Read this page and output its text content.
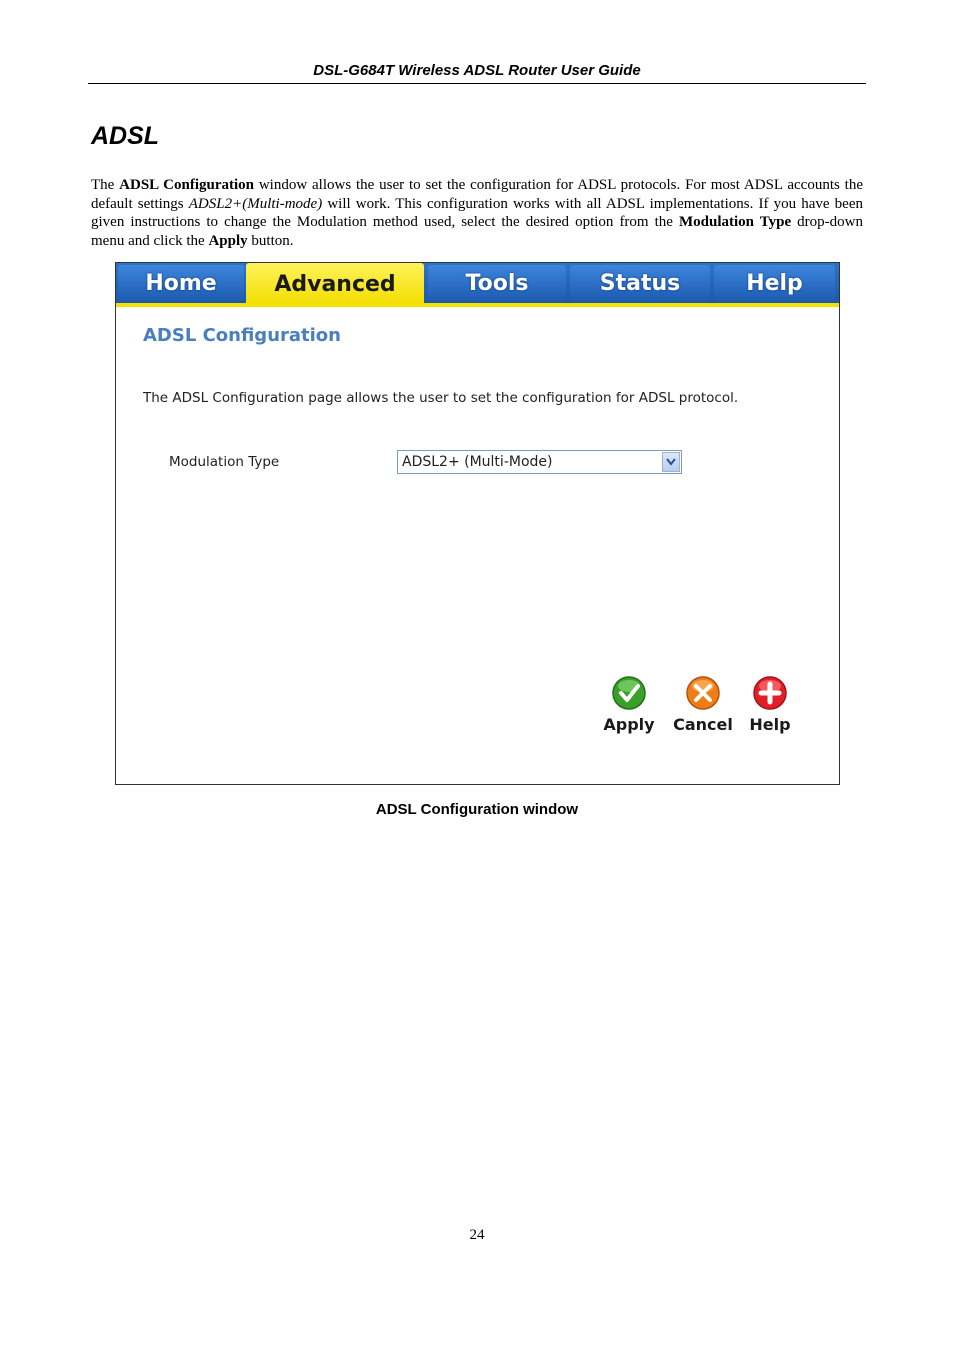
DSL-G684T Wireless ADSL Router User Guide
ADSL

The ADSL Configuration window allows the user to set the configuration for ADSL protocols. For most ADSL accounts the default settings ADSL2+(Multi-mode) will work. This configuration works with all ADSL implementations. If you have been given instructions to change the Modulation method used, select the desired option from the Modulation Type drop-down menu and click the Apply button.

Home	Advanced	Tools	Status	Help
ADSL Configuration
The ADSL Configuration page allows the user to set the configuration for ADSL protocol.
Modulation Type	ADSL2+ (Multi-Mode)
Apply	Cancel	Help
ADSL Configuration window
24
